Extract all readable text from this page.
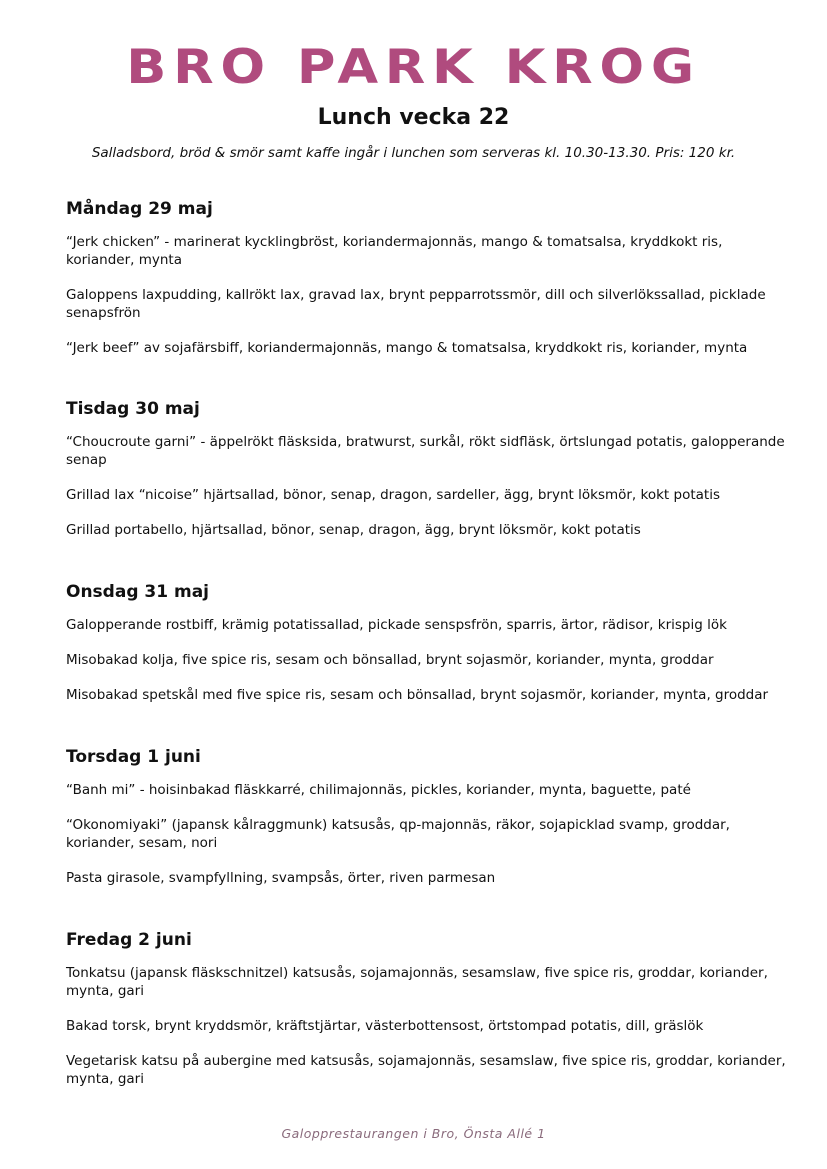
BRO PARK KROG
Lunch vecka 22
Salladsbord, bröd & smör samt kaffe ingår i lunchen som serveras kl. 10.30-13.30. Pris: 120 kr.
Måndag 29 maj
“Jerk chicken” - marinerat kycklingbröst, koriandermajonnäs, mango & tomatsalsa, kryddkokt ris, koriander, mynta
Galoppens laxpudding, kallrökt lax, gravad lax, brynt pepparrotssmör, dill och silverlökssallad, picklade senapsfrön
“Jerk beef” av sojafärsbiff, koriandermajonnäs, mango & tomatsalsa, kryddkokt ris, koriander, mynta
Tisdag 30 maj
“Choucroute garni” - äppelrökt fläsksida, bratwurst, surkål, rökt sidfläsk, örtslungad potatis, galopperande senap
Grillad lax “nicoise” hjärtsallad, bönor, senap, dragon, sardeller, ägg, brynt löksmör, kokt potatis
Grillad portabello, hjärtsallad, bönor, senap, dragon, ägg, brynt löksmör, kokt potatis
Onsdag 31 maj
Galopperande rostbiff, krämig potatissallad, pickade senspsfrön, sparris, ärtor, rädisor, krispig lök
Misobakad kolja, five spice ris, sesam och bönsallad, brynt sojasmör, koriander, mynta, groddar
Misobakad spetskål med five spice ris, sesam och bönsallad, brynt sojasmör, koriander, mynta, groddar
Torsdag 1 juni
“Banh mi” - hoisinbakad fläskkarré, chilimajonnäs, pickles, koriander, mynta, baguette, paté
“Okonomiyaki” (japansk kålraggmunk) katsusås, qp-majonnäs, räkor, sojapicklad svamp, groddar, koriander, sesam, nori
Pasta girasole, svampfyllning, svampsås, örter, riven parmesan
Fredag 2 juni
Tonkatsu (japansk fläskschnitzel) katsusås, sojamajonnäs, sesamslaw, five spice ris, groddar, koriander, mynta, gari
Bakad torsk, brynt kryddsmör, kräftstjärtar, västerbottensost, örtstompad potatis, dill, gräslök
Vegetarisk katsu på aubergine med katsusås, sojamajonnäs, sesamslaw, five spice ris, groddar, koriander, mynta, gari
Galopprestaurangen i Bro, Önsta Allé 1
